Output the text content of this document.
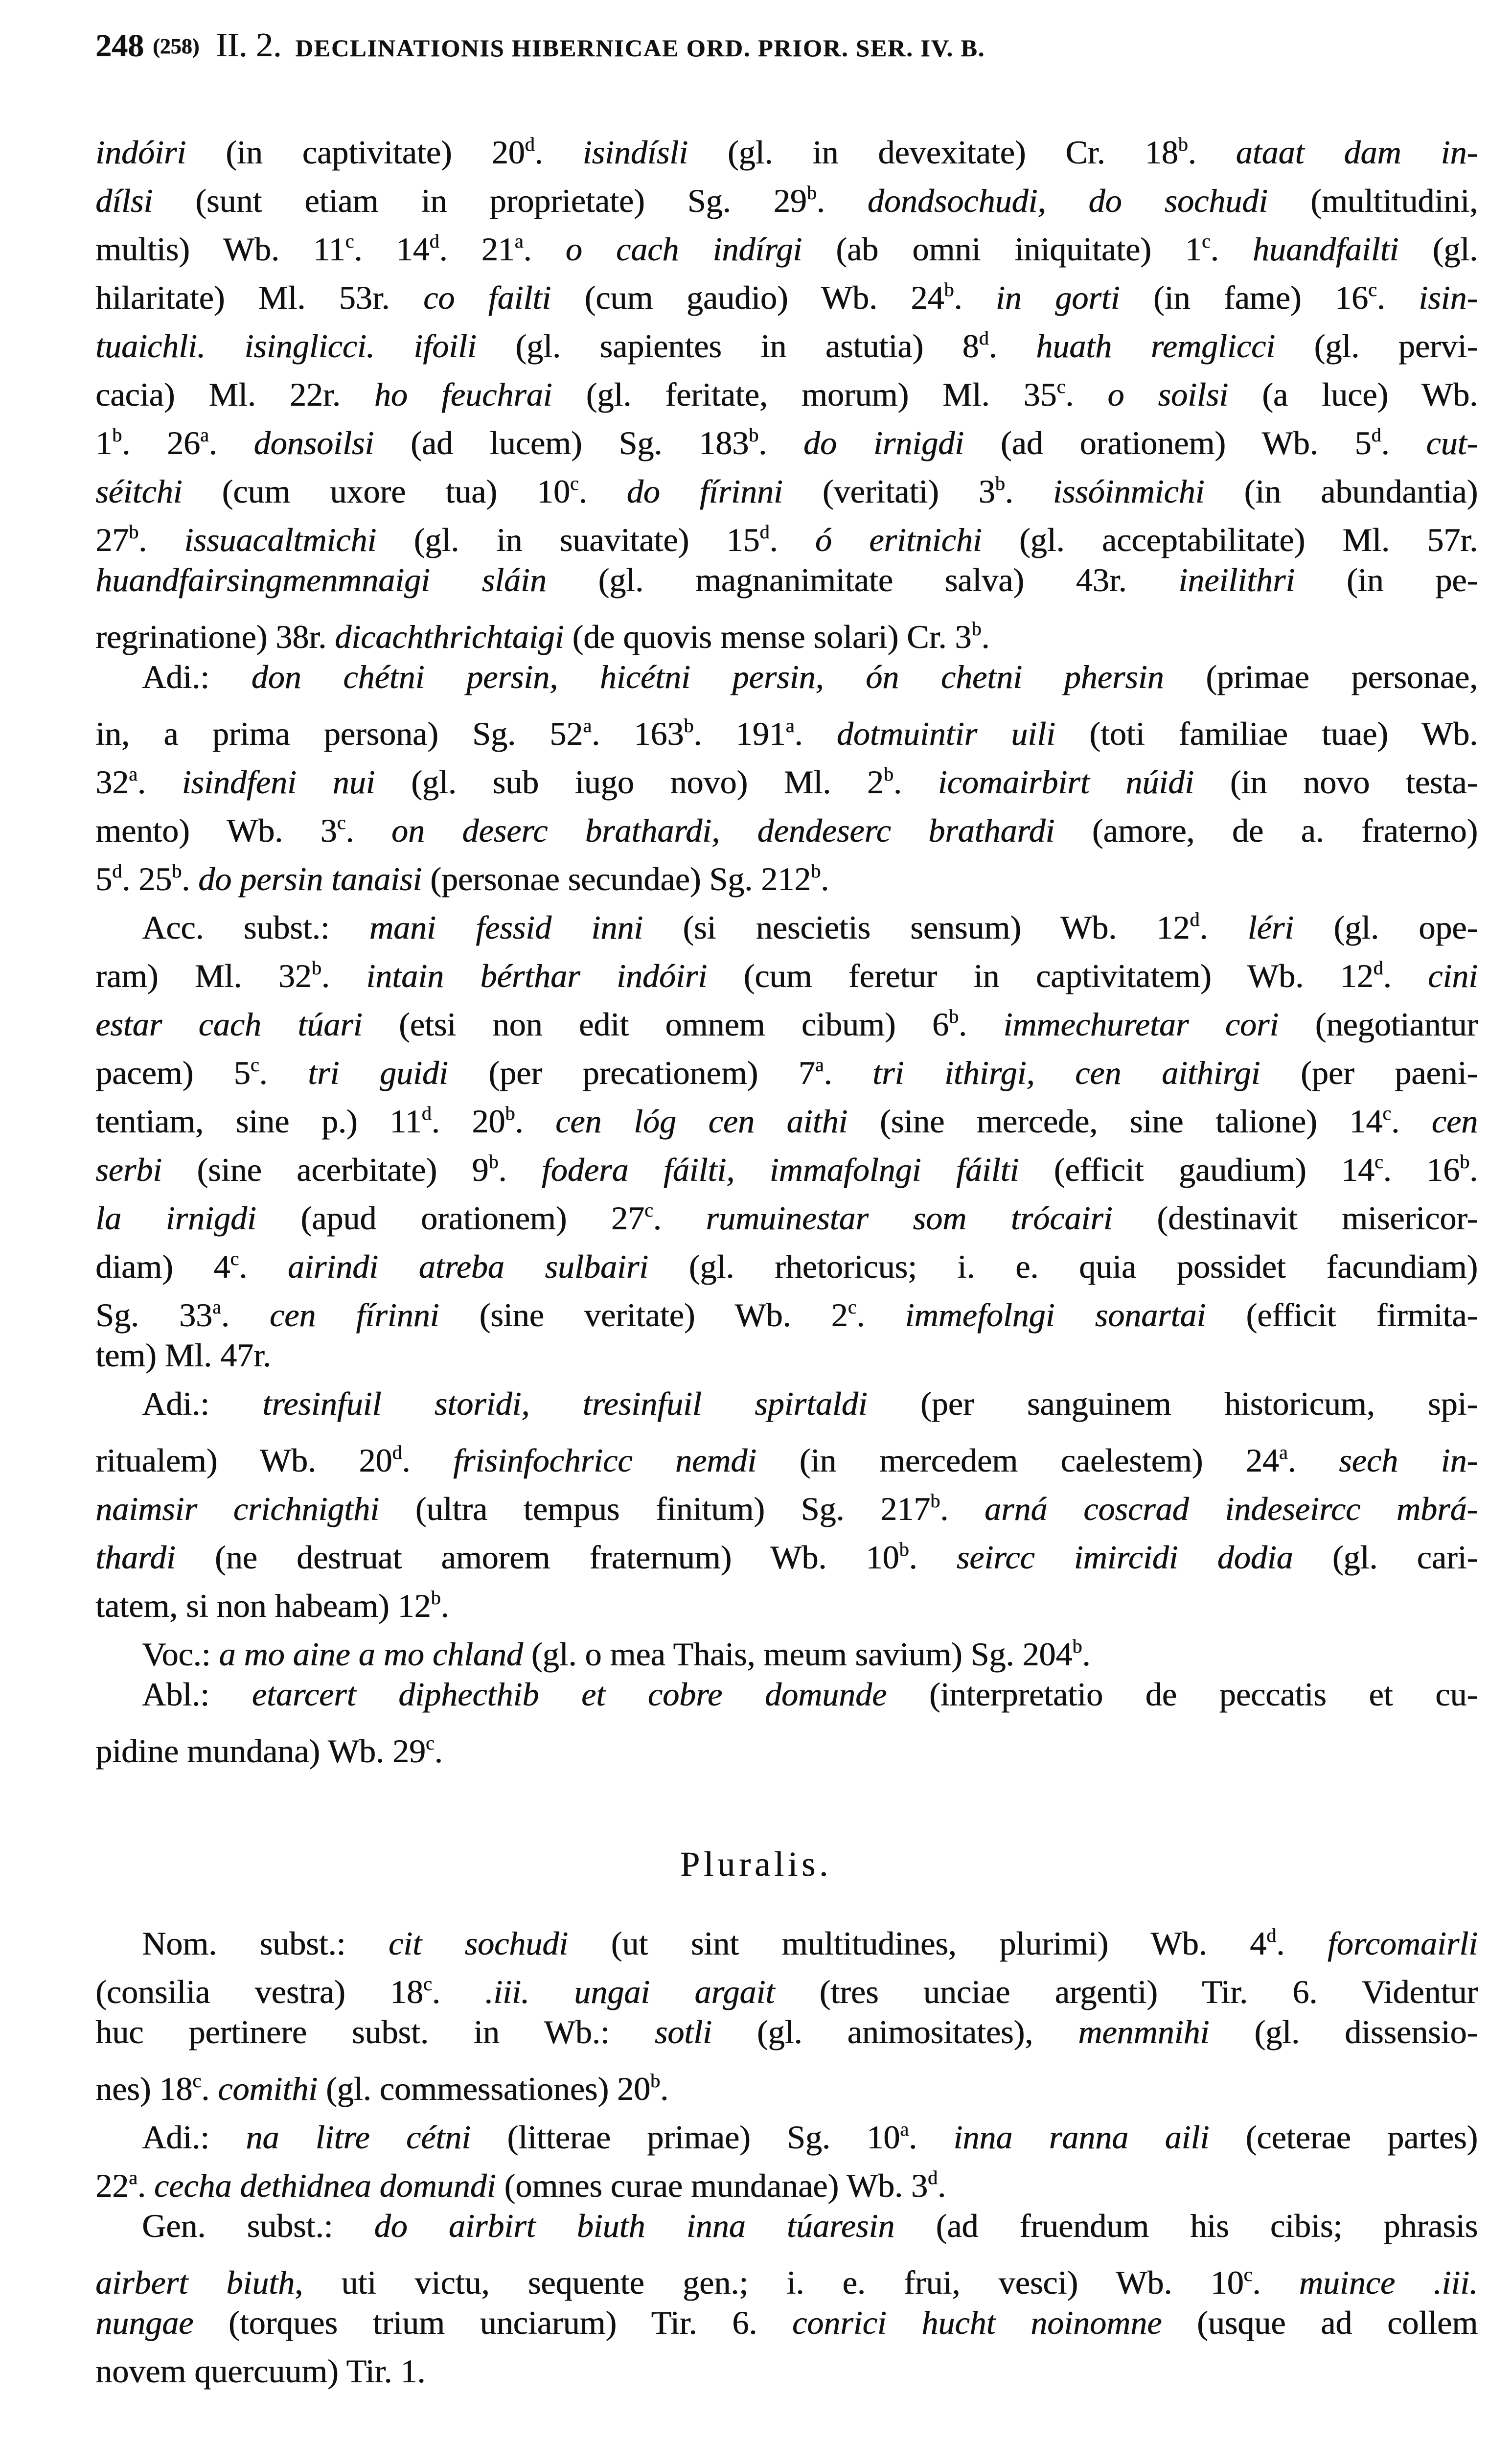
248 (258) II. 2. DECLINATIONIS HIBERNICAE ORD. PRIOR. SER. IV. B.
indóiri (in captivitate) 20$^d$. isindísli (gl. in devexitate) Cr. 18$^b$. ataat dam in-
dílsi (sunt etiam in proprietate) Sg. 29$^b$. dondsochudi, do sochudi (multitudini,
multis) Wb. 11$^c$. 14$^d$. 21$^a$. o cach indírgi (ab omni iniquitate) 1$^c$. huandfailti (gl.
hilaritate) Ml. 53r. co failti (cum gaudio) Wb. 24$^b$. in gorti (in fame) 16$^c$. isin-
tuaichli. isinglicci. ifoili (gl. sapientes in astutia) 8$^d$. huath remglicci (gl. pervi-
cacia) Ml. 22r. ho feuchrai (gl. feritate, morum) Ml. 35$^c$. o soilsi (a luce) Wb.
1$^b$. 26$^a$. donsoilsi (ad lucem) Sg. 183$^b$. do irnigdi (ad orationem) Wb. 5$^d$. cut-
séitchi (cum uxore tua) 10$^c$. do fírinni (veritati) 3$^b$. issóinmichi (in abundantia)
27$^b$. issuacaltmichi (gl. in suavitate) 15$^d$. ó eritnichi (gl. acceptabilitate) Ml. 57r.
huandfairsingmenmnaigi sláin (gl. magnanimitate salva) 43r. ineilithri (in pe-
regrinatione) 38r. dicachthrichtaigi (de quovis mense solari) Cr. 3$^b$.
Adi.: don chétni persin, hicétni persin, ón chetni phersin (primae personae,
in, a prima persona) Sg. 52$^a$. 163$^b$. 191$^a$. dotmuintir uili (toti familiae tuae) Wb.
32$^a$. isindfeni nui (gl. sub iugo novo) Ml. 2$^b$. icomairbirt núidi (in novo testa-
mento) Wb. 3$^c$. on deserc brathardi, dendeserc brathardi (amore, de a. fraterno)
5$^d$. 25$^b$. do persin tanaisi (personae secundae) Sg. 212$^b$.
Acc. subst.: mani fessid inni (si nescietis sensum) Wb. 12$^d$. léri (gl. ope-
ram) Ml. 32$^b$. intain bérthar indóiri (cum feretur in captivitatem) Wb. 12$^d$. cini
estar cach túari (etsi non edit omnem cibum) 6$^b$. immechuretar cori (negotiantur
pacem) 5$^c$. tri guidi (per precationem) 7$^a$. tri ithirgi, cen aithirgi (per paeni-
tentiam, sine p.) 11$^d$. 20$^b$. cen lóg cen aithi (sine mercede, sine talione) 14$^c$. cen
serbi (sine acerbitate) 9$^b$. fodera fáilti, immafolngi fáilti (efficit gaudium) 14$^c$. 16$^b$.
la irnigdi (apud orationem) 27$^c$. rumuinestar som trócairi (destinavit misericor-
diam) 4$^c$. airindi atreba sulbairi (gl. rhetoricus; i. e. quia possidet facundiam)
Sg. 33$^a$. cen fírinni (sine veritate) Wb. 2$^c$. immefolngi sonartai (efficit firmita-
tem) Ml. 47r.
Adi.: tresinfuil storidi, tresinfuil spirtaldi (per sanguinem historicum, spi-
ritualem) Wb. 20$^d$. frisinfochricc nemdi (in mercedem caelestem) 24$^a$. sech in-
naimsir crichnigthi (ultra tempus finitum) Sg. 217$^b$. arná coscrad indeseircc mbrá-
thardi (ne destruat amorem fraternum) Wb. 10$^b$. seircc imircidi dodia (gl. cari-
tatem, si non habeam) 12$^b$.
Voc.: a mo aine a mo chland (gl. o mea Thais, meum savium) Sg. 204$^b$.
Abl.: etarcert diphecthib et cobre domunde (interpretatio de peccatis et cu-
pidine mundana) Wb. 29$^c$.
Pluralis.
Nom. subst.: cit sochudi (ut sint multitudines, plurimi) Wb. 4$^d$. forcomairli
(consilia vestra) 18$^c$. .iii. ungai argait (tres unciae argenti) Tir. 6. Videntur
huc pertinere subst. in Wb.: sotli (gl. animositates), menmnihi (gl. dissensio-
nes) 18$^c$. comithi (gl. commessationes) 20$^b$.
Adi.: na litre cétni (litterae primae) Sg. 10$^a$. inna ranna aili (ceterae partes)
22$^a$. cecha dethidnea domundi (omnes curae mundanae) Wb. 3$^d$.
Gen. subst.: do airbirt biuth inna túaresin (ad fruendum his cibis; phrasis
airbert biuth, uti victu, sequente gen.; i. e. frui, vesci) Wb. 10$^c$. muince .iii.
nungae (torques trium unciarum) Tir. 6. conrici hucht noinomne (usque ad collem
novem quercuum) Tir. 1.
